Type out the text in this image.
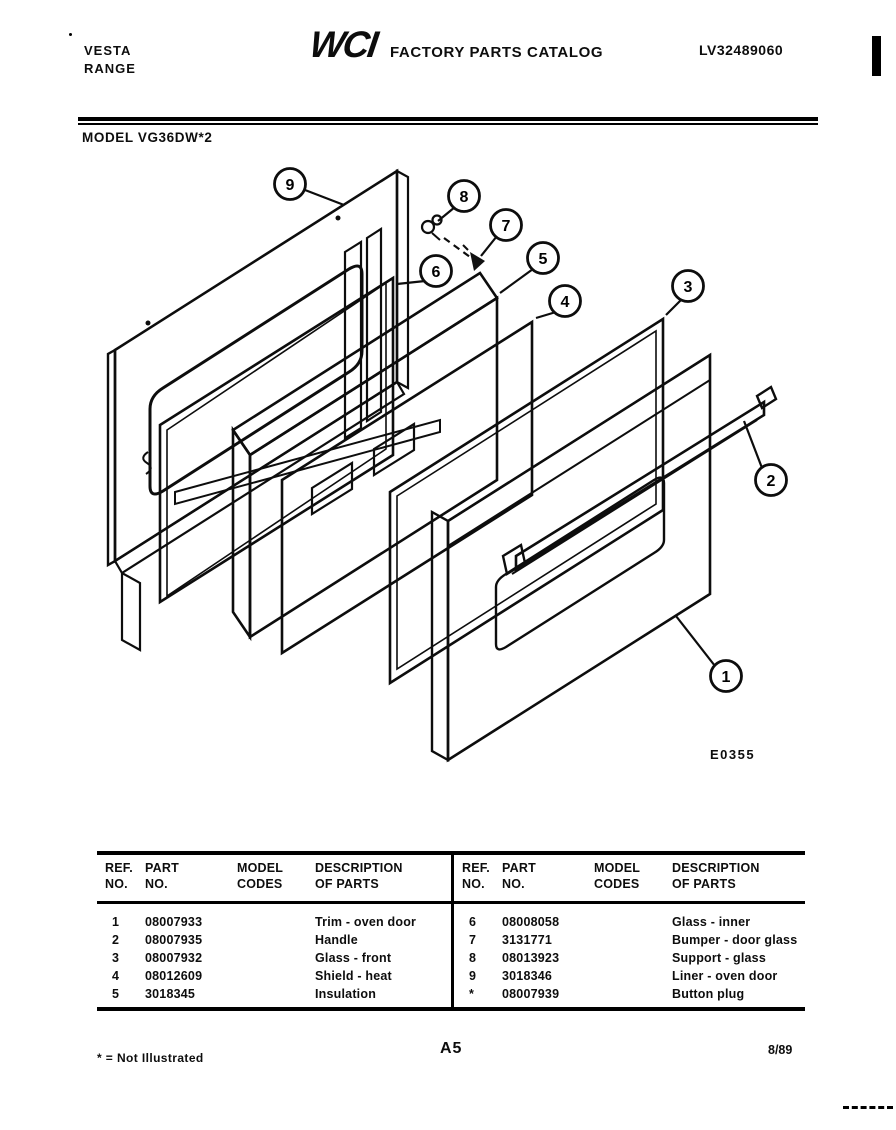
VESTA
RANGE
WCI FACTORY PARTS CATALOG	LV32489060
MODEL VG36DW*2
9
8
7
6
5
4
3
2
1
E0355
REF.
NO.
PART
NO.
MODEL
CODES
DESCRIPTION
OF PARTS
1	08007933	Trim - oven door
2	08007935	Handle
3	08007932	Glass - front
4	08012609	Shield - heat
5	3018345	Insulation
REF.
NO.
PART
NO.
MODEL
CODES
DESCRIPTION
OF PARTS
6	08008058	Glass - inner
7	3131771	Bumper - door glass
8	08013923	Support - glass
9	3018346	Liner - oven door
*	08007939	Button plug
* = Not Illustrated
A5	8/89
